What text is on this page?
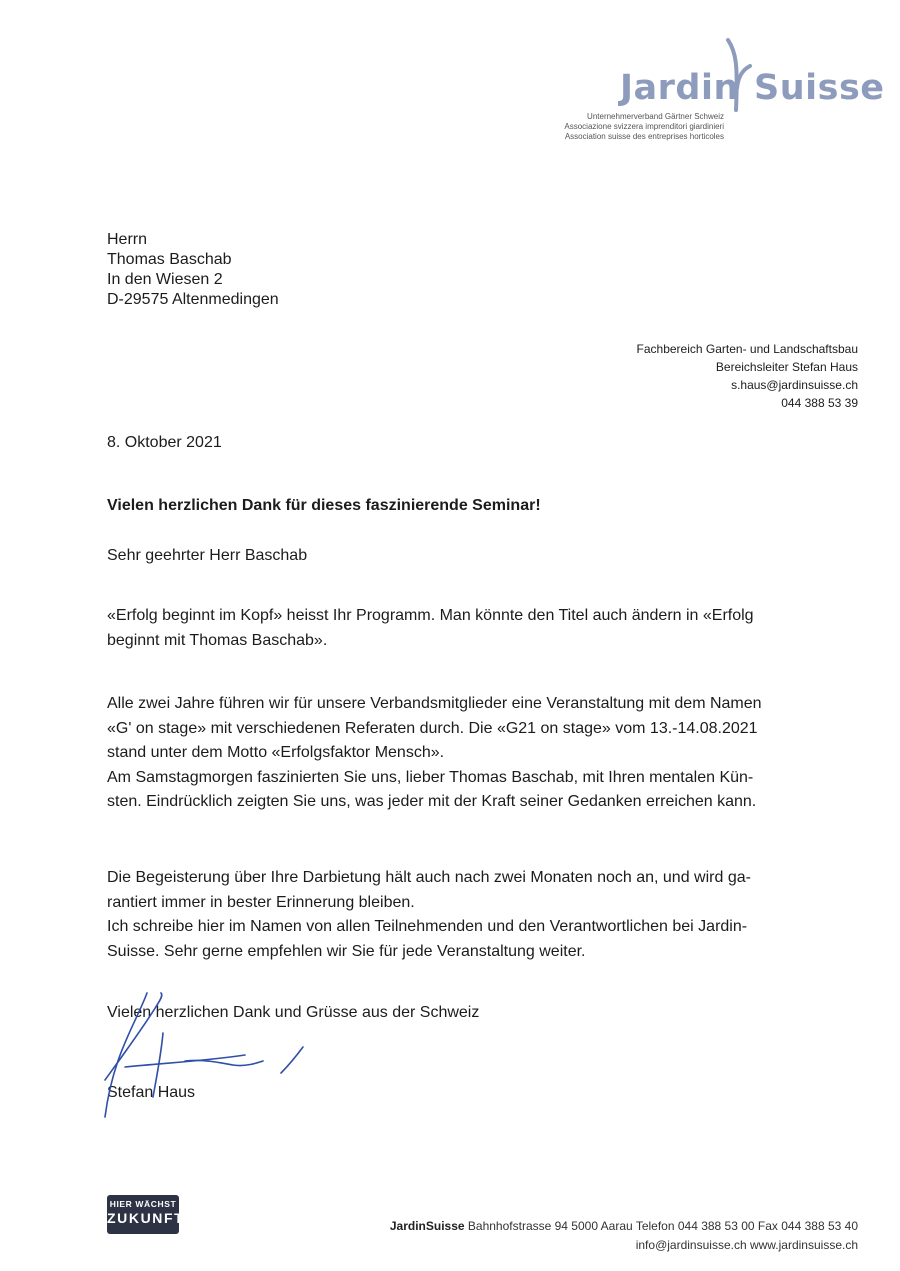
Jardin Suisse
Unternehmerverband Gärtner Schweiz
Associazione svizzera imprenditori giardinieri
Association suisse des entreprises horticoles
Herrn
Thomas Baschab
In den Wiesen 2
D-29575 Altenmedingen
Fachbereich Garten- und Landschaftsbau
Bereichsleiter Stefan Haus
s.haus@jardinsuisse.ch
044 388 53 39
8. Oktober 2021
Vielen herzlichen Dank für dieses faszinierende Seminar!
Sehr geehrter Herr Baschab
«Erfolg beginnt im Kopf» heisst Ihr Programm. Man könnte den Titel auch ändern in «Erfolg
beginnt mit Thomas Baschab».
Alle zwei Jahre führen wir für unsere Verbandsmitglieder eine Veranstaltung mit dem Namen
«G' on stage» mit verschiedenen Referaten durch. Die «G21 on stage» vom 13.-14.08.2021
stand unter dem Motto «Erfolgsfaktor Mensch».
Am Samstagmorgen faszinierten Sie uns, lieber Thomas Baschab, mit Ihren mentalen Kün-
sten. Eindrücklich zeigten Sie uns, was jeder mit der Kraft seiner Gedanken erreichen kann.
Die Begeisterung über Ihre Darbietung hält auch nach zwei Monaten noch an, und wird ga-
rantiert immer in bester Erinnerung bleiben.
Ich schreibe hier im Namen von allen Teilnehmenden und den Verantwortlichen bei Jardin-
Suisse. Sehr gerne empfehlen wir Sie für jede Veranstaltung weiter.
Vielen herzlichen Dank und Grüsse aus der Schweiz
Stefan Haus
HIER WÄCHST
ZUKUNFT	JardinSuisse Bahnhofstrasse 94 5000 Aarau Telefon 044 388 53 00 Fax 044 388 53 40
info@jardinsuisse.ch www.jardinsuisse.ch
